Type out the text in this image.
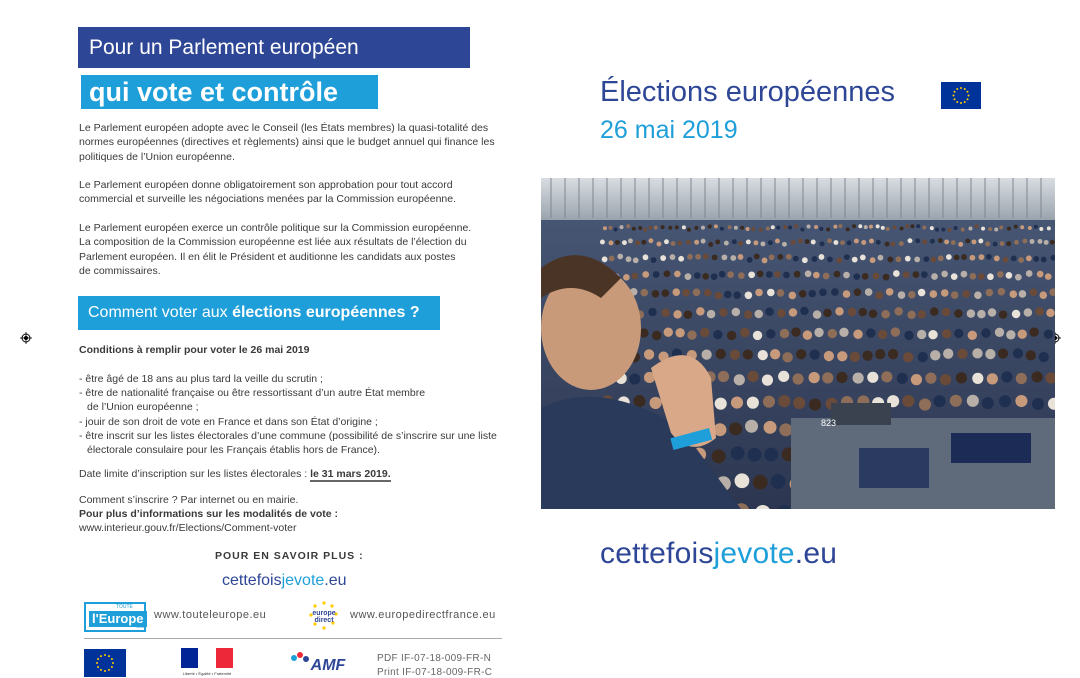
Pour un Parlement européen
qui vote et contrôle

Le Parlement européen adopte avec le Conseil (les États membres) la quasi-totalité des

normes européennes (directives et règlements) ainsi que le budget annuel qui finance les

politiques de l’Union européenne.

Le Parlement européen donne obligatoirement son approbation pour tout accord

commercial et surveille les négociations menées par la Commission européenne.

Le Parlement européen exerce un contrôle politique sur la Commission européenne.

La composition de la Commission européenne est liée aux résultats de l’élection du

Parlement européen. Il en élit le Président et auditionne les candidats aux postes

de commissaires.

Comment voter aux élections européennes ?
Conditions à remplir pour voter le 26 mai 2019
- être âgé de 18 ans au plus tard la veille du scrutin ;
- être de nationalité française ou être ressortissant d’un autre État membre
de l’Union européenne ;
- jouir de son droit de vote en France et dans son État d’origine ;
- être inscrit sur les listes électorales d’une commune (possibilité de s’inscrire sur une liste
électorale consulaire pour les Français établis hors de France).
Date limite d’inscription sur les listes électorales : le 31 mars 2019.
Comment s’inscrire ? Par internet ou en mairie.
Pour plus d’informations sur les modalités de vote :
www.interieur.gouv.fr/Elections/Comment-voter
POUR EN SAVOIR PLUS :
cettefoisjevote.eu
TOUTE
l'Europe
.EU
www.touteleurope.eu	europe
direct www.europedirectfrance.eu
Liberté • Égalité • Fraternité	AMF	PDF IF-07-18-009-FR-N
Print IF-07-18-009-FR-C
Élections européennes
26 mai 2019
823
cettefoisjevote.eu
